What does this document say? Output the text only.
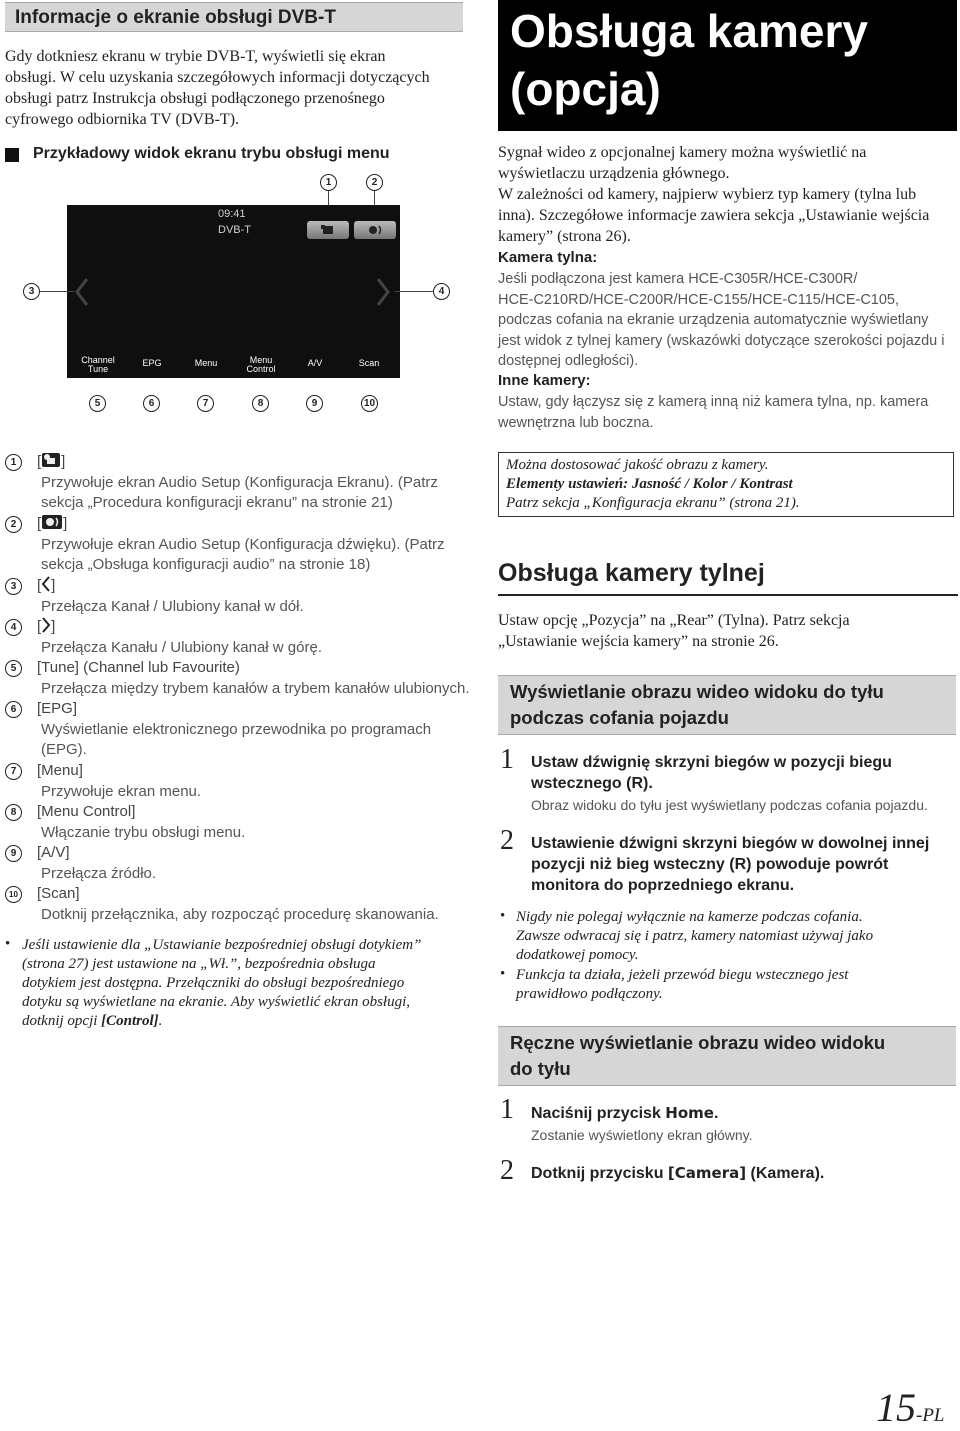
Informacje o ekranie obsługi DVB-T
Gdy dotkniesz ekranu w trybie DVB-T, wyświetli się ekran
obsługi. W celu uzyskania szczegółowych informacji dotyczących
obsługi patrz Instrukcja obsługi podłączonego przenośnego
cyfrowego odbiornika TV (DVB-T).
Przykładowy widok ekranu trybu obsługi menu
1	2
09:41
DVB-T
Channel
Tune
EPG	Menu	Menu
Control
A/V	Scan
3	4
5	6	7	8	9	10
1	[ ]
Przywołuje ekran Audio Setup (Konfiguracja Ekranu). (Patrz
sekcja „Procedura konfiguracji ekranu” na stronie 21)
2	[ ]
Przywołuje ekran Audio Setup (Konfiguracja dźwięku). (Patrz
sekcja „Obsługa konfiguracji audio” na stronie 18)
3	[ ]
Przełącza Kanał / Ulubiony kanał w dół.
4	[ ]
Przełącza Kanału / Ulubiony kanał w górę.
5	[Tune] (Channel lub Favourite)
Przełącza między trybem kanałów a trybem kanałów ulubionych.
6	[EPG]
Wyświetlanie elektronicznego przewodnika po programach
(EPG).
7	[Menu]
Przywołuje ekran menu.
8	[Menu Control]
Włączanie trybu obsługi menu.
9	[A/V]
Przełącza źródło.
10 [Scan]
Dotknij przełącznika, aby rozpocząć procedurę skanowania.
• Jeśli ustawienie dla „Ustawianie bezpośredniej obsługi dotykiem”
(strona 27) jest ustawione na „Wł.”, bezpośrednia obsługa
dotykiem jest dostępna. Przełączniki do obsługi bezpośredniego
dotyku są wyświetlane na ekranie. Aby wyświetlić ekran obsługi,
dotknij opcji [Control].
Obsługa kamery
(opcja)
Sygnał wideo z opcjonalnej kamery można wyświetlić na
wyświetlaczu urządzenia głównego.
W zależności od kamery, najpierw wybierz typ kamery (tylna lub
inna). Szczegółowe informacje zawiera sekcja „Ustawianie wejścia
kamery” (strona 26).
Kamera tylna:
Jeśli podłączona jest kamera HCE-C305R/HCE-C300R/
HCE-C210RD/HCE-C200R/HCE-C155/HCE-C115/HCE-C105,
podczas cofania na ekranie urządzenia automatycznie wyświetlany
jest widok z tylnej kamery (wskazówki dotyczące szerokości pojazdu i
dostępnej odległości).
Inne kamery:
Ustaw, gdy łączysz się z kamerą inną niż kamera tylna, np. kamera
wewnętrzna lub boczna.
Można dostosować jakość obrazu z kamery.
Elementy ustawień: Jasność / Kolor / Kontrast
Patrz sekcja „Konfiguracja ekranu” (strona 21).
Obsługa kamery tylnej
Ustaw opcję „Pozycja” na „Rear” (Tylna). Patrz sekcja
„Ustawianie wejścia kamery” na stronie 26.
Wyświetlanie obrazu wideo widoku do tyłu
podczas cofania pojazdu
1 Ustaw dźwignię skrzyni biegów w pozycji biegu
wstecznego (R).
Obraz widoku do tyłu jest wyświetlany podczas cofania pojazdu.
2 Ustawienie dźwigni skrzyni biegów w dowolnej innej
pozycji niż bieg wsteczny (R) powoduje powrót
monitora do poprzedniego ekranu.
• Nigdy nie polegaj wyłącznie na kamerze podczas cofania.
Zawsze odwracaj się i patrz, kamery natomiast używaj jako
dodatkowej pomocy.
• Funkcja ta działa, jeżeli przewód biegu wstecznego jest
prawidłowo podłączony.
Ręczne wyświetlanie obrazu wideo widoku
do tyłu
1 Naciśnij przycisk Home.
Zostanie wyświetlony ekran główny.
2 Dotknij przycisku [Camera] (Kamera).
15-PL
